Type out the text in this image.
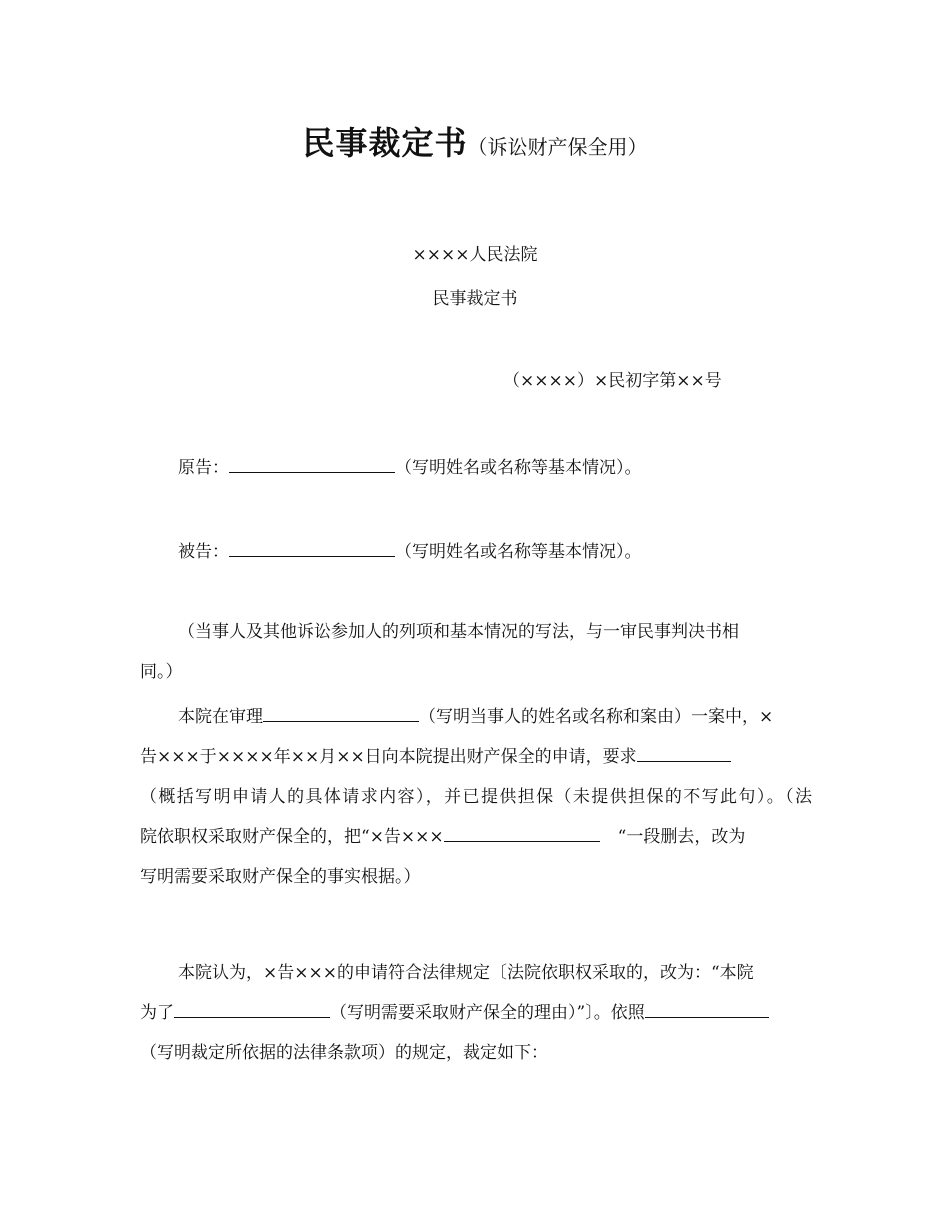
民事裁定书（诉讼财产保全用）
××××人民法院
民事裁定书
（××××）×民初字第××号
原告：	（写明姓名或名称等基本情况）。
被告：	（写明姓名或名称等基本情况）。
（当事人及其他诉讼参加人的列项和基本情况的写法，与一审民事判决书相
同。）
本院在审理	（写明当事人的姓名或名称和案由）一案中，×
告×××于××××年××月××日向本院提出财产保全的申请，要求
（概括写明申请人的具体请求内容），并已提供担保（未提供担保的不写此句）。（法
院依职权采取财产保全的，把“×告×××	“一段删去，改为
写明需要采取财产保全的事实根据。）
本院认为，×告×××的申请符合法律规定〔法院依职权采取的，改为：“本院
为了	（写明需要采取财产保全的理由）”〕。依照
（写明裁定所依据的法律条款项）的规定，裁定如下：
